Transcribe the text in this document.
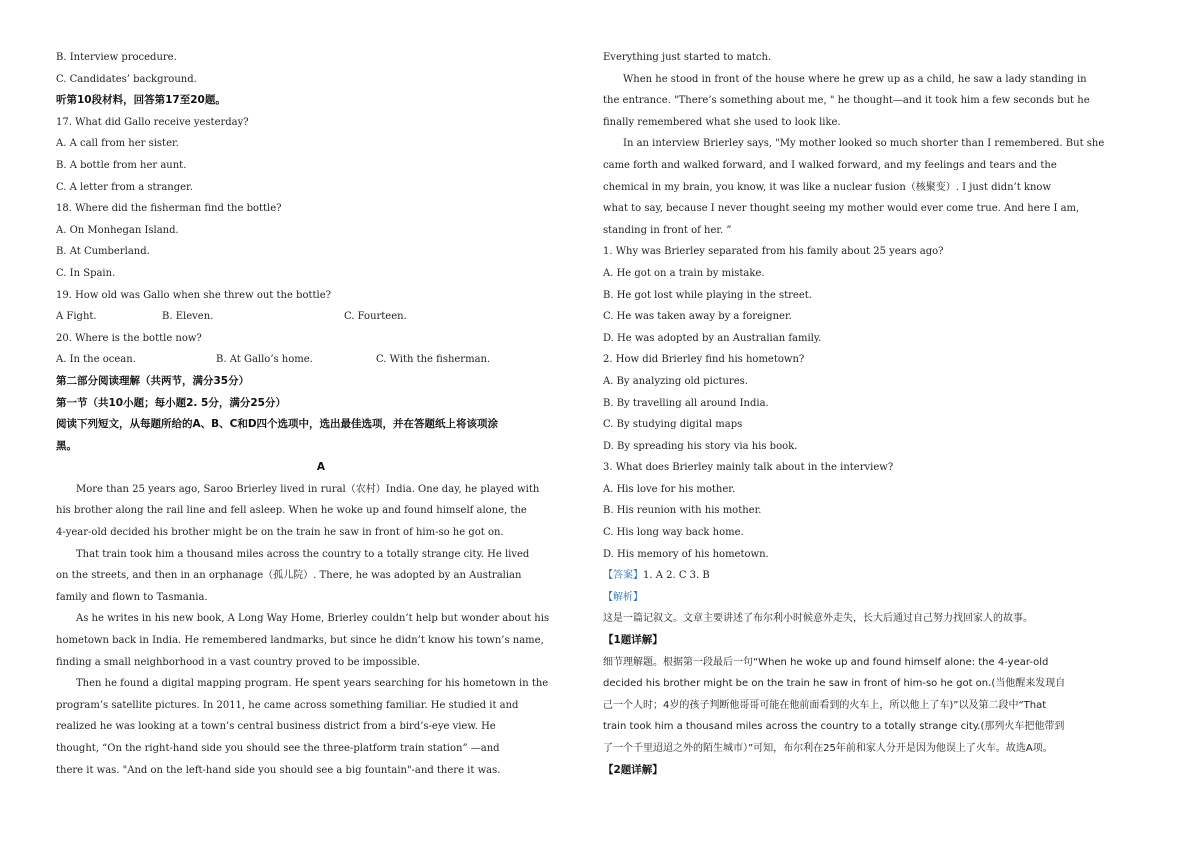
B. Interview procedure.
C. Candidates’ background.
听第10段材料，回答第17至20题。
17. What did Gallo receive yesterday?
A. A call from her sister.
B. A bottle from her aunt.
C. A letter from a stranger.
18. Where did the fisherman find the bottle?
A. On Monhegan Island.
B. At Cumberland.
C. In Spain.
19. How old was Gallo when she threw out the bottle?
A Fight.	B. Eleven.	C. Fourteen.
20. Where is the bottle now?
A. In the ocean.	B. At Gallo’s home.	C. With the fisherman.
第二部分阅读理解（共两节，满分35分）
第一节（共10小题；每小题2. 5分，满分25分）
阅读下列短文，从每题所给的A、B、C和D四个选项中，选出最佳选项，并在答题纸上将该项涂
黑。
A
More than 25 years ago, Saroo Brierley lived in rural（农村）India. One day, he played with
his brother along the rail line and fell asleep. When he woke up and found himself alone, the
4-year-old decided his brother might be on the train he saw in front of him-so he got on.
That train took him a thousand miles across the country to a totally strange city. He lived
on the streets, and then in an orphanage（孤儿院）. There, he was adopted by an Australian
family and flown to Tasmania.
As he writes in his new book, A Long Way Home, Brierley couldn’t help but wonder about his
hometown back in India. He remembered landmarks, but since he didn’t know his town’s name,
finding a small neighborhood in a vast country proved to be impossible.
Then he found a digital mapping program. He spent years searching for his hometown in the
program’s satellite pictures. In 2011, he came across something familiar. He studied it and
realized he was looking at a town’s central business district from a bird’s-eye view. He
thought, “On the right-hand side you should see the three-platform train station” —and
there it was. "And on the left-hand side you should see a big fountain"-and there it was.
Everything just started to match.
When he stood in front of the house where he grew up as a child, he saw a lady standing in
the entrance. "There’s something about me, " he thought—and it took him a few seconds but he
finally remembered what she used to look like.
In an interview Brierley says, "My mother looked so much shorter than I remembered. But she
came forth and walked forward, and I walked forward, and my feelings and tears and the
chemical in my brain, you know, it was like a nuclear fusion（核聚变）. I just didn’t know
what to say, because I never thought seeing my mother would ever come true. And here I am,
standing in front of her. ”
1. Why was Brierley separated from his family about 25 years ago?
A. He got on a train by mistake.
B. He got lost while playing in the street.
C. He was taken away by a foreigner.
D. He was adopted by an Australian family.
2. How did Brierley find his hometown?
A. By analyzing old pictures.
B. By travelling all around India.
C. By studying digital maps
D. By spreading his story via his book.
3. What does Brierley mainly talk about in the interview?
A. His love for his mother.
B. His reunion with his mother.
C. His long way back home.
D. His memory of his hometown.
【答案】1. A 2. C 3. B
【解析】
这是一篇记叙文。文章主要讲述了布尔利小时候意外走失，长大后通过自己努力找回家人的故事。
【1题详解】
细节理解题。根据第一段最后一句“When he woke up and found himself alone: the 4-year-old
decided his brother might be on the train he saw in front of him-so he got on.(当他醒来发现自
己一个人时；4岁的孩子判断他哥哥可能在他前面看到的火车上，所以他上了车)”以及第二段中“That
train took him a thousand miles across the country to a totally strange city.(那列火车把他带到
了一个千里迢迢之外的陌生城市）”可知，布尔利在25年前和家人分开是因为他误上了火车。故选A项。
【2题详解】
